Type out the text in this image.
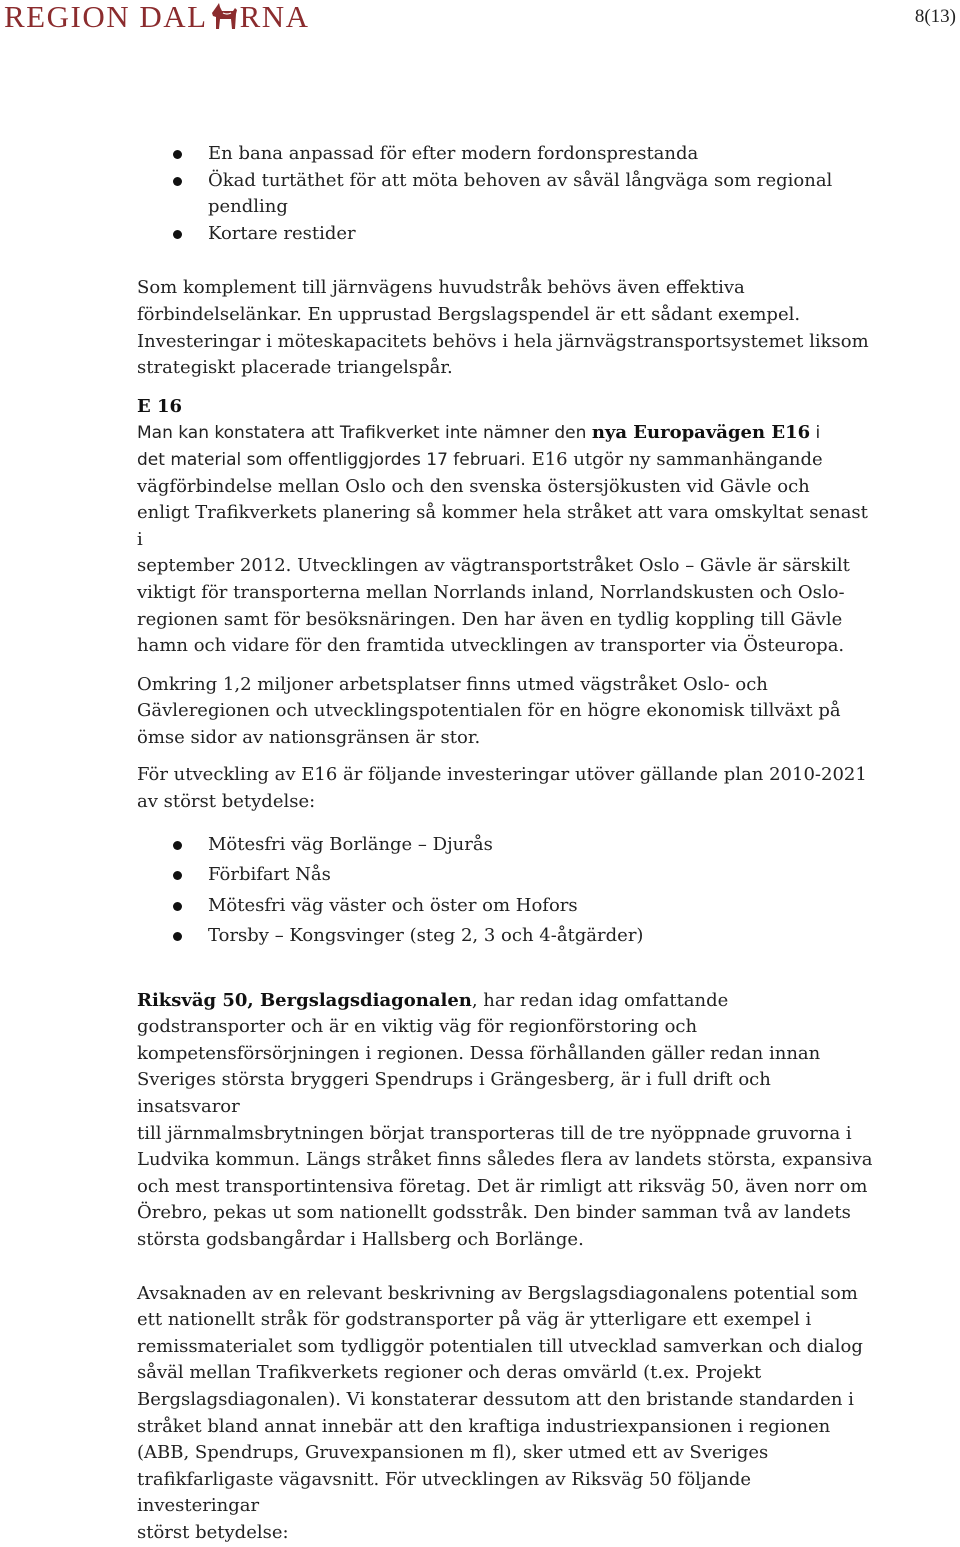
REGION DAL RNA	8(13)
En bana anpassad för efter modern fordonsprestanda
Ökad turtäthet för att möta behoven av såväl långväga som regional
pendling
Kortare restider

Som komplement till järnvägens huvudstråk behövs även effektiva
förbindelselänkar. En upprustad Bergslagspendel är ett sådant exempel.
Investeringar i möteskapacitets behövs i hela järnvägstransportsystemet liksom
strategiskt placerade triangelspår.

E 16
Man kan konstatera att Trafikverket inte nämner den nya Europavägen E16 i
det material som offentliggjordes 17 februari. E16 utgör ny sammanhängande
vägförbindelse mellan Oslo och den svenska östersjökusten vid Gävle och
enligt Trafikverkets planering så kommer hela stråket att vara omskyltat senast i
september 2012. Utvecklingen av vägtransportstråket Oslo – Gävle är särskilt
viktigt för transporterna mellan Norrlands inland, Norrlandskusten och Oslo-
regionen samt för besöksnäringen. Den har även en tydlig koppling till Gävle
hamn och vidare för den framtida utvecklingen av transporter via Östeuropa.

Omkring 1,2 miljoner arbetsplatser finns utmed vägstråket Oslo- och
Gävleregionen och utvecklingspotentialen för en högre ekonomisk tillväxt på
ömse sidor av nationsgränsen är stor.

För utveckling av E16 är följande investeringar utöver gällande plan 2010-2021
av störst betydelse:

Mötesfri väg Borlänge – Djurås
Förbifart Nås
Mötesfri väg väster och öster om Hofors
Torsby – Kongsvinger (steg 2, 3 och 4-åtgärder)

Riksväg 50, Bergslagsdiagonalen, har redan idag omfattande
godstransporter och är en viktig väg för regionförstoring och
kompetensförsörjningen i regionen. Dessa förhållanden gäller redan innan
Sveriges största bryggeri Spendrups i Grängesberg, är i full drift och insatsvaror
till järnmalmsbrytningen börjat transporteras till de tre nyöppnade gruvorna i
Ludvika kommun. Längs stråket finns således flera av landets största, expansiva
och mest transportintensiva företag. Det är rimligt att riksväg 50, även norr om
Örebro, pekas ut som nationellt godsstråk. Den binder samman två av landets
största godsbangårdar i Hallsberg och Borlänge.

Avsaknaden av en relevant beskrivning av Bergslagsdiagonalens potential som
ett nationellt stråk för godstransporter på väg är ytterligare ett exempel i
remissmaterialet som tydliggör potentialen till utvecklad samverkan och dialog
såväl mellan Trafikverkets regioner och deras omvärld (t.ex. Projekt
Bergslagsdiagonalen). Vi konstaterar dessutom att den bristande standarden i
stråket bland annat innebär att den kraftiga industriexpansionen i regionen
(ABB, Spendrups, Gruvexpansionen m fl), sker utmed ett av Sveriges
trafikfarligaste vägavsnitt. För utvecklingen av Riksväg 50 följande investeringar
störst betydelse:
